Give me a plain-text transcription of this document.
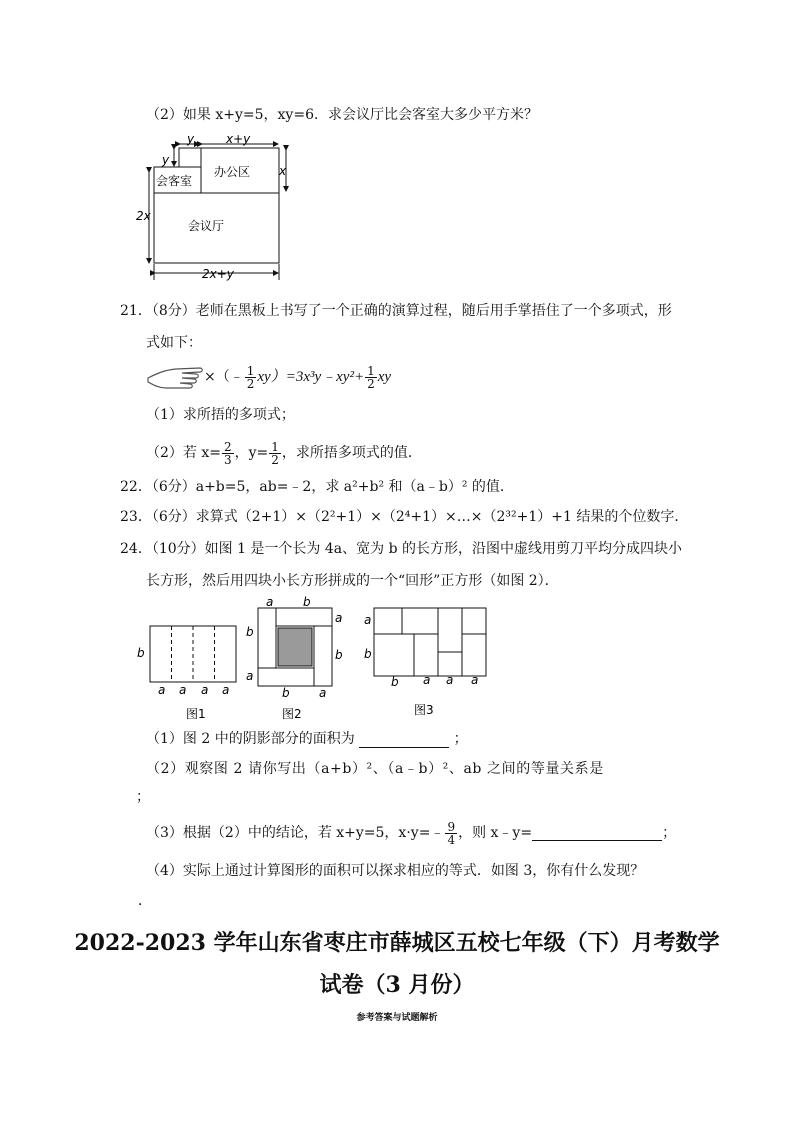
（2）如果 x+y=5，xy=6．求会议厅比会客室大多少平方米？
y	x+y
会客室
办公区
会议厅
y
x
2x
2x+y
21．（8分）老师在黑板上书写了一个正确的演算过程，随后用手掌捂住了一个多项式，形
式如下：
×（﹣ $\frac{1}{2}$ xy）=3x³y﹣xy²+ $\frac{1}{2}$ xy
（1）求所捂的多项式；
（2）若 $x= \frac{2}{3}$ ，$y= \frac{1}{2}$ ，求所捂多项式的值．
22．（6分）a+b=5，ab=﹣2，求 a²+b² 和（a﹣b）² 的值．
23．（6分）求算式（2+1）×（2²+1）×（2⁴+1）×…×（2³²+1）+1 结果的个位数字．
24．（10分）如图 1 是一个长为 4a、宽为 b 的长方形，沿图中虚线用剪刀平均分成四块小
长方形，然后用四块小长方形拼成的一个“回形”正方形（如图 2）．
b
a a a a
图1
a b
a
b
b
a
b a
图2
a
b
b a a a
图3
（1）图 2 中的阴影部分的面积为	；
（2）观察图 2 请你写出（a+b）²、（a﹣b）²、ab 之间的等量关系是
；
（3）根据（2）中的结论，若 x+y=5，x·y=﹣ $\frac{9}{4}$ ，则 x﹣y=	；
（4）实际上通过计算图形的面积可以探求相应的等式．如图 3，你有什么发现？
．
2022-2023 学年山东省枣庄市薛城区五校七年级（下）月考数学
试卷（3 月份）
参考答案与试题解析
